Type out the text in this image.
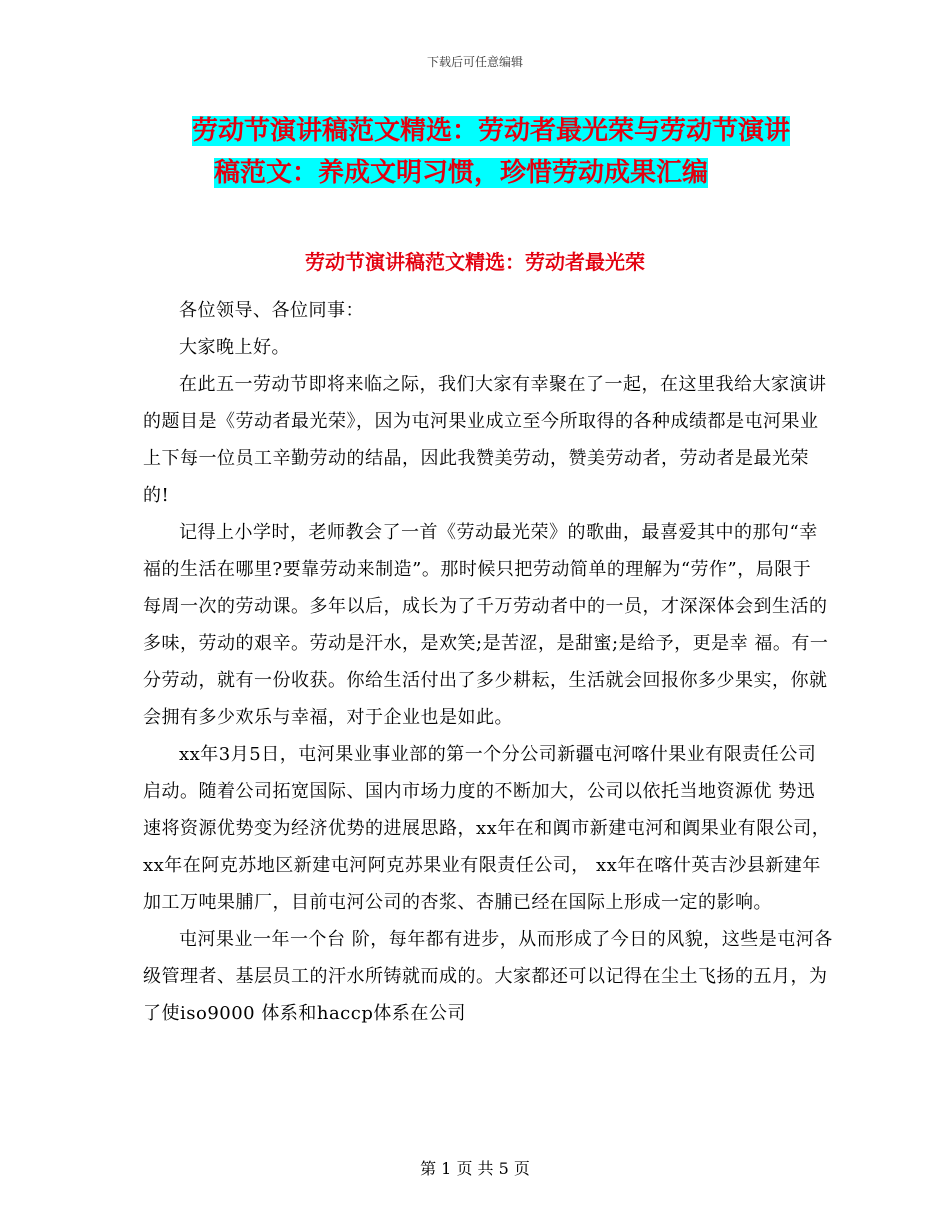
下载后可任意编辑
劳动节演讲稿范文精选：劳动者最光荣与劳动节演讲
稿范文：养成文明习惯，珍惜劳动成果汇编
劳动节演讲稿范文精选：劳动者最光荣

各位领导、各位同事：

大家晚上好。

在此五一劳动节即将来临之际，我们大家有幸聚在了一起，在这里我给大家演讲的题目是《劳动者最光荣》，因为屯河果业成立至今所取得的各种成绩都是屯河果业上下每一位员工辛勤劳动的结晶，因此我赞美劳动，赞美劳动者，劳动者是最光荣的!

记得上小学时，老师教会了一首《劳动最光荣》的歌曲，最喜爱其中的那句“幸福的生活在哪里?要靠劳动来制造”。那时候只把劳动简单的理解为“劳作”，局限于 每周一次的劳动课。多年以后，成长为了千万劳动者中的一员，才深深体会到生活的多味，劳动的艰辛。劳动是汗水，是欢笑;是苦涩，是甜蜜;是给予，更是幸 福。有一分劳动，就有一份收获。你给生活付出了多少耕耘，生活就会回报你多少果实，你就会拥有多少欢乐与幸福，对于企业也是如此。

xx年3月5日，屯河果业事业部的第一个分公司新疆屯河喀什果业有限责任公司启动。随着公司拓宽国际、国内市场力度的不断加大，公司以依托当地资源优 势迅速将资源优势变为经济优势的进展思路，xx年在和阗市新建屯河和阗果业有限公司，xx年在阿克苏地区新建屯河阿克苏果业有限责任公司， xx年在喀什英吉沙县新建年加工万吨果脯厂，目前屯河公司的杏浆、杏脯已经在国际上形成一定的影响。

屯河果业一年一个台 阶，每年都有进步，从而形成了今日的风貌，这些是屯河各级管理者、基层员工的汗水所铸就而成的。大家都还可以记得在尘土飞扬的五月，为了使iso9000 体系和haccp体系在公司

第 1 页 共 5 页
